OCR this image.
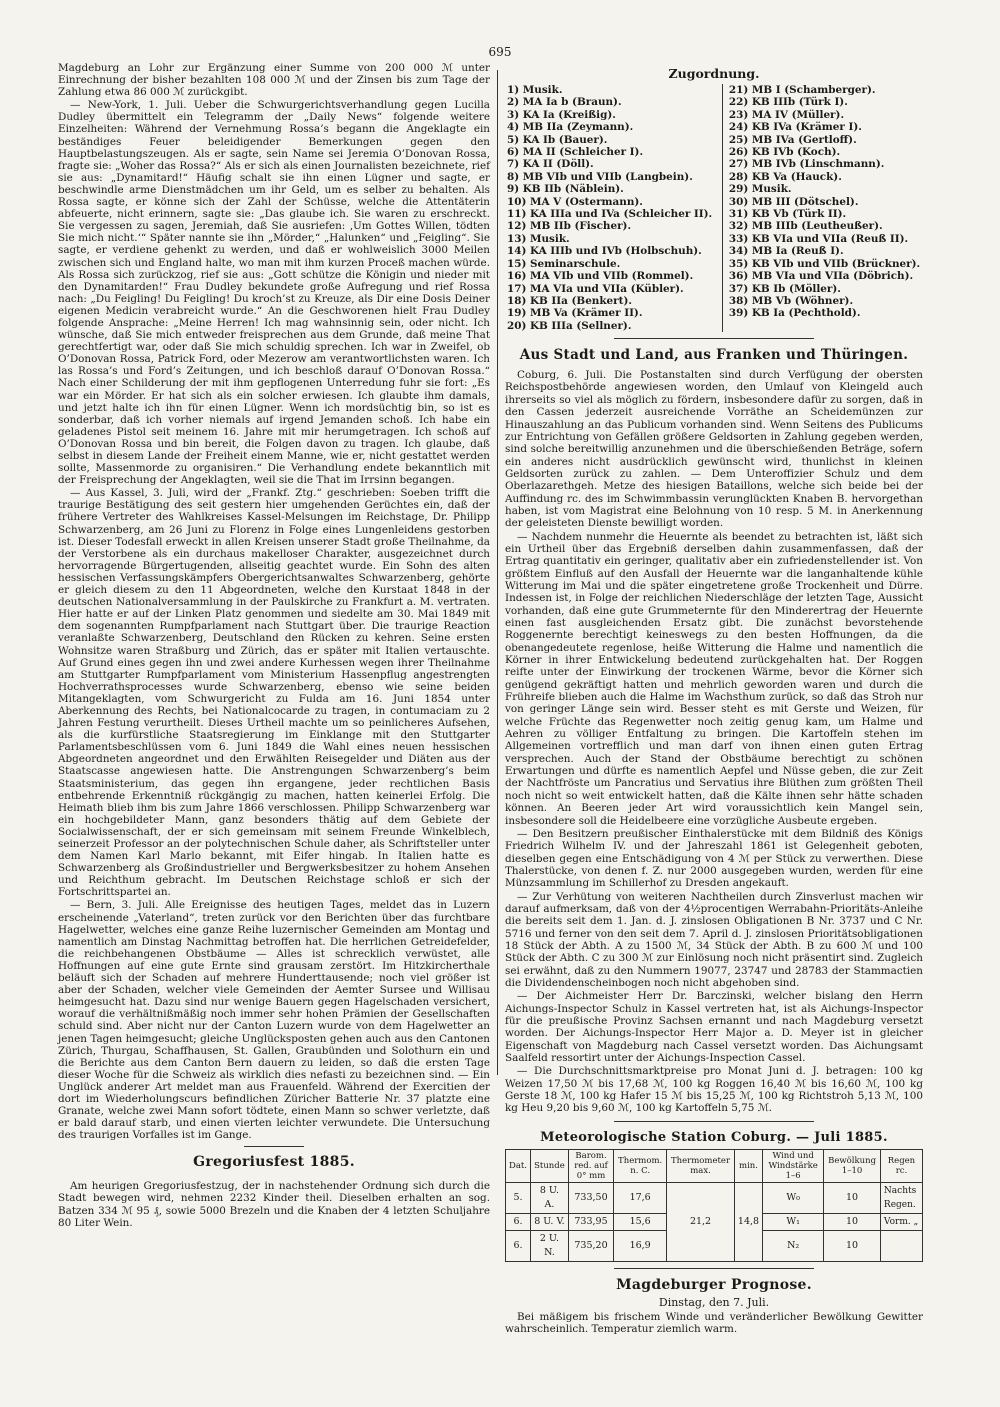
695

Magdeburg an Lohr zur Ergänzung einer Summe von 200 000 ℳ unter Einrechnung der bisher bezahlten 108 000 ℳ und der Zinsen bis zum Tage der Zahlung etwa 86 000 ℳ zurückgibt.

— New-York, 1. Juli. Ueber die Schwurgerichtsverhandlung gegen Lucilla Dudley übermittelt ein Telegramm der „Daily News“ folgende weitere Einzelheiten: Während der Vernehmung Rossa’s begann die Angeklagte ein beständiges Feuer beleidigender Bemerkungen gegen den Hauptbelastungszeugen. Als er sagte, sein Name sei Jeremia O’Donovan Rossa, fragte sie: „Woher das Rossa?“ Als er sich als einen Journalisten bezeichnete, rief sie aus: „Dynamitard!“ Häufig schalt sie ihn einen Lügner und sagte, er beschwindle arme Dienstmädchen um ihr Geld, um es selber zu behalten. Als Rossa sagte, er könne sich der Zahl der Schüsse, welche die Attentäterin abfeuerte, nicht erinnern, sagte sie: „Das glaube ich. Sie waren zu erschreckt. Sie vergessen zu sagen, Jeremiah, daß Sie ausriefen: ‚Um Gottes Willen, tödten Sie mich nicht.‘“ Später nannte sie ihn „Mörder,“ „Halunken“ und „Feigling“. Sie sagte, er verdiene gehenkt zu werden, und daß er wohlweislich 3000 Meilen zwischen sich und England halte, wo man mit ihm kurzen Proceß machen würde. Als Rossa sich zurückzog, rief sie aus: „Gott schütze die Königin und nieder mit den Dynamitarden!“ Frau Dudley bekundete große Aufregung und rief Rossa nach: „Du Feigling! Du Feigling! Du kroch’st zu Kreuze, als Dir eine Dosis Deiner eigenen Medicin verabreicht wurde.“ An die Geschworenen hielt Frau Dudley folgende Ansprache: „Meine Herren! Ich mag wahnsinnig sein, oder nicht. Ich wünsche, daß Sie mich entweder freisprechen aus dem Grunde, daß meine That gerechtfertigt war, oder daß Sie mich schuldig sprechen. Ich war in Zweifel, ob O’Donovan Rossa, Patrick Ford, oder Mezerow am verantwortlichsten waren. Ich las Rossa’s und Ford’s Zeitungen, und ich beschloß darauf O’Donovan Rossa.“ Nach einer Schilderung der mit ihm gepflogenen Unterredung fuhr sie fort: „Es war ein Mörder. Er hat sich als ein solcher erwiesen. Ich glaubte ihm damals, und jetzt halte ich ihn für einen Lügner. Wenn ich mordsüchtig bin, so ist es sonderbar, daß ich vorher niemals auf irgend Jemanden schoß. Ich habe ein geladenes Pistol seit meinem 16. Jahre mit mir herumgetragen. Ich schoß auf O’Donovan Rossa und bin bereit, die Folgen davon zu tragen. Ich glaube, daß selbst in diesem Lande der Freiheit einem Manne, wie er, nicht gestattet werden sollte, Massenmorde zu organisiren.“ Die Verhandlung endete bekanntlich mit der Freisprechung der Angeklagten, weil sie die That im Irrsinn begangen.

— Aus Kassel, 3. Juli, wird der „Frankf. Ztg.“ geschrieben: Soeben trifft die traurige Bestätigung des seit gestern hier umgehenden Gerüchtes ein, daß der frühere Vertreter des Wahlkreises Kassel-Melsungen im Reichstage, Dr. Philipp Schwarzenberg, am 26 Juni zu Florenz in Folge eines Lungenleidens gestorben ist. Dieser Todesfall erweckt in allen Kreisen unserer Stadt große Theilnahme, da der Verstorbene als ein durchaus makelloser Charakter, ausgezeichnet durch hervorragende Bürgertugenden, allseitig geachtet wurde. Ein Sohn des alten hessischen Verfassungskämpfers Obergerichtsanwaltes Schwarzenberg, gehörte er gleich diesem zu den 11 Abgeordneten, welche den Kurstaat 1848 in der deutschen Nationalversammlung in der Paulskirche zu Frankfurt a. M. vertraten. Hier hatte er auf der Linken Platz genommen und siedelte am 30. Mai 1849 mit dem sogenannten Rumpfparlament nach Stuttgart über. Die traurige Reaction veranlaßte Schwarzenberg, Deutschland den Rücken zu kehren. Seine ersten Wohnsitze waren Straßburg und Zürich, das er später mit Italien vertauschte. Auf Grund eines gegen ihn und zwei andere Kurhessen wegen ihrer Theilnahme am Stuttgarter Rumpfparlament vom Ministerium Hassenpflug angestrengten Hochverrathsprocesses wurde Schwarzenberg, ebenso wie seine beiden Mitangeklagten, vom Schwurgericht zu Fulda am 16. Juni 1854 unter Aberkennung des Rechts, bei Nationalcocarde zu tragen, in contumaciam zu 2 Jahren Festung verurtheilt. Dieses Urtheil machte um so peinlicheres Aufsehen, als die kurfürstliche Staatsregierung im Einklange mit den Stuttgarter Parlamentsbeschlüssen vom 6. Juni 1849 die Wahl eines neuen hessischen Abgeordneten angeordnet und den Erwählten Reisegelder und Diäten aus der Staatscasse angewiesen hatte. Die Anstrengungen Schwarzenberg’s beim Staatsministerium, das gegen ihn ergangene, jeder rechtlichen Basis entbehrende Erkenntniß rückgängig zu machen, hatten keinerlei Erfolg. Die Heimath blieb ihm bis zum Jahre 1866 verschlossen. Philipp Schwarzenberg war ein hochgebildeter Mann, ganz besonders thätig auf dem Gebiete der Socialwissenschaft, der er sich gemeinsam mit seinem Freunde Winkelblech, seinerzeit Professor an der polytechnischen Schule daher, als Schriftsteller unter dem Namen Karl Marlo bekannt, mit Eifer hingab. In Italien hatte es Schwarzenberg als Großindustrieller und Bergwerksbesitzer zu hohem Ansehen und Reichthum gebracht. Im Deutschen Reichstage schloß er sich der Fortschrittspartei an.

— Bern, 3. Juli. Alle Ereignisse des heutigen Tages, meldet das in Luzern erscheinende „Vaterland“, treten zurück vor den Berichten über das furchtbare Hagelwetter, welches eine ganze Reihe luzernischer Gemeinden am Montag und namentlich am Dinstag Nachmittag betroffen hat. Die herrlichen Getreidefelder, die reichbehangenen Obstbäume — Alles ist schrecklich verwüstet, alle Hoffnungen auf eine gute Ernte sind grausam zerstört. Im Hitzkircherthale beläuft sich der Schaden auf mehrere Hunderttausende; noch viel größer ist aber der Schaden, welcher viele Gemeinden der Aemter Sursee und Willisau heimgesucht hat. Dazu sind nur wenige Bauern gegen Hagelschaden versichert, worauf die verhältnißmäßig noch immer sehr hohen Prämien der Gesellschaften schuld sind. Aber nicht nur der Canton Luzern wurde von dem Hagelwetter an jenen Tagen heimgesucht; gleiche Unglücksposten gehen auch aus den Cantonen Zürich, Thurgau, Schaffhausen, St. Gallen, Graubünden und Solothurn ein und die Berichte aus dem Canton Bern dauern zu leiden, so daß die ersten Tage dieser Woche für die Schweiz als wirklich dies nefasti zu bezeichnen sind. — Ein Unglück anderer Art meldet man aus Frauenfeld. Während der Exercitien der dort im Wiederholungscurs befindlichen Züricher Batterie Nr. 37 platzte eine Granate, welche zwei Mann sofort tödtete, einen Mann so schwer verletzte, daß er bald darauf starb, und einen vierten leichter verwundete. Die Untersuchung des traurigen Vorfalles ist im Gange.

Gregoriusfest 1885.

Am heurigen Gregoriusfestzug, der in nachstehender Ordnung sich durch die Stadt bewegen wird, nehmen 2232 Kinder theil. Dieselben erhalten an sog. Batzen 334 ℳ 95 ₰, sowie 5000 Brezeln und die Knaben der 4 letzten Schuljahre 80 Liter Wein.

Zugordnung.
1) Musik.	21) MB I (Schamberger).
2) MA Ia b (Braun).	22) KB IIIb (Türk I).
3) KA Ia (Kreißig).	23) MA IV (Müller).
4) MB IIa (Zeymann).	24) KB IVa (Krämer I).
5) KA Ib (Bauer).	25) MB IVa (Gertloff).
6) MA II (Schleicher I).	26) KB IVb (Koch).
7) KA II (Döll).	27) MB IVb (Linschmann).
8) MB VIb und VIIb (Langbein).	28) KB Va (Hauck).
9) KB IIb (Näblein).	29) Musik.
10) MA V (Ostermann).	30) MB III (Dötschel).
11) KA IIIa und IVa (Schleicher II).	31) KB Vb (Türk II).
12) MB IIb (Fischer).	32) MB IIIb (Leutheußer).
13) Musik.	33) KB VIa und VIIa (Reuß II).
14) KA IIIb und IVb (Holbschuh).	34) MB Ia (Reuß I).
15) Seminarschule.	35) KB VIb und VIIb (Brückner).
16) MA VIb und VIIb (Rommel).	36) MB VIa und VIIa (Döbrich).
17) MA VIa und VIIa (Kübler).	37) KB Ib (Möller).
18) KB IIa (Benkert).	38) MB Vb (Wöhner).
19) MB Va (Krämer II).	39) KB Ia (Pechthold).
20) KB IIIa (Sellner).	
Aus Stadt und Land, aus Franken und Thüringen.

Coburg, 6. Juli. Die Postanstalten sind durch Verfügung der obersten Reichspostbehörde angewiesen worden, den Umlauf von Kleingeld auch ihrerseits so viel als möglich zu fördern, insbesondere dafür zu sorgen, daß in den Cassen jederzeit ausreichende Vorräthe an Scheidemünzen zur Hinauszahlung an das Publicum vorhanden sind. Wenn Seitens des Publicums zur Entrichtung von Gefällen größere Geldsorten in Zahlung gegeben werden, sind solche bereitwillig anzunehmen und die überschießenden Beträge, sofern ein anderes nicht ausdrücklich gewünscht wird, thunlichst in kleinen Geldsorten zurück zu zahlen. — Dem Unteroffizier Schulz und dem Oberlazarethgeh. Metze des hiesigen Bataillons, welche sich beide bei der Auffindung rc. des im Schwimmbassin verunglückten Knaben B. hervorgethan haben, ist vom Magistrat eine Belohnung von 10 resp. 5 M. in Anerkennung der geleisteten Dienste bewilligt worden.

— Nachdem nunmehr die Heuernte als beendet zu betrachten ist, läßt sich ein Urtheil über das Ergebniß derselben dahin zusammenfassen, daß der Ertrag quantitativ ein geringer, qualitativ aber ein zufriedenstellender ist. Von größtem Einfluß auf den Ausfall der Heuernte war die langanhaltende kühle Witterung im Mai und die später eingetretene große Trockenheit und Dürre. Indessen ist, in Folge der reichlichen Niederschläge der letzten Tage, Aussicht vorhanden, daß eine gute Grummeternte für den Minderertrag der Heuernte einen fast ausgleichenden Ersatz gibt. Die zunächst bevorstehende Roggenernte berechtigt keineswegs zu den besten Hoffnungen, da die obenangedeutete regenlose, heiße Witterung die Halme und namentlich die Körner in ihrer Entwickelung bedeutend zurückgehalten hat. Der Roggen reifte unter der Einwirkung der trockenen Wärme, bevor die Körner sich genügend gekräftigt hatten und mehrlich geworden waren und durch die Frühreife blieben auch die Halme im Wachsthum zurück, so daß das Stroh nur von geringer Länge sein wird. Besser steht es mit Gerste und Weizen, für welche Früchte das Regenwetter noch zeitig genug kam, um Halme und Aehren zu völliger Entfaltung zu bringen. Die Kartoffeln stehen im Allgemeinen vortrefflich und man darf von ihnen einen guten Ertrag versprechen. Auch der Stand der Obstbäume berechtigt zu schönen Erwartungen und dürfte es namentlich Aepfel und Nüsse geben, die zur Zeit der Nachtfröste um Pancratius und Servatius ihre Blüthen zum größten Theil noch nicht so weit entwickelt hatten, daß die Kälte ihnen sehr hätte schaden können. An Beeren jeder Art wird voraussichtlich kein Mangel sein, insbesondere soll die Heidelbeere eine vorzügliche Ausbeute ergeben.

— Den Besitzern preußischer Einthalerstücke mit dem Bildniß des Königs Friedrich Wilhelm IV. und der Jahreszahl 1861 ist Gelegenheit geboten, dieselben gegen eine Entschädigung von 4 ℳ per Stück zu verwerthen. Diese Thalerstücke, von denen f. Z. nur 2000 ausgegeben wurden, werden für eine Münzsammlung im Schillerhof zu Dresden angekauft.

— Zur Verhütung von weiteren Nachtheilen durch Zinsverlust machen wir darauf aufmerksam, daß von der 4½procentigen Werrabahn-Prioritäts-Anleihe die bereits seit dem 1. Jan. d. J. zinslosen Obligationen B Nr. 3737 und C Nr. 5716 und ferner von den seit dem 7. April d. J. zinslosen Prioritätsobligationen 18 Stück der Abth. A zu 1500 ℳ, 34 Stück der Abth. B zu 600 ℳ und 100 Stück der Abth. C zu 300 ℳ zur Einlösung noch nicht präsentirt sind. Zugleich sei erwähnt, daß zu den Nummern 19077, 23747 und 28783 der Stammactien die Dividendenscheinbogen noch nicht abgehoben sind.

— Der Aichmeister Herr Dr. Barczinski, welcher bislang den Herrn Aichungs-Inspector Schulz in Kassel vertreten hat, ist als Aichungs-Inspector für die preußische Provinz Sachsen ernannt und nach Magdeburg versetzt worden. Der Aichungs-Inspector Herr Major a. D. Meyer ist in gleicher Eigenschaft von Magdeburg nach Cassel versetzt worden. Das Aichungsamt Saalfeld ressortirt unter der Aichungs-Inspection Cassel.

— Die Durchschnittsmarktpreise pro Monat Juni d. J. betragen: 100 kg Weizen 17,50 ℳ bis 17,68 ℳ, 100 kg Roggen 16,40 ℳ bis 16,60 ℳ, 100 kg Gerste 18 ℳ, 100 kg Hafer 15 ℳ bis 15,25 ℳ, 100 kg Richtstroh 5,13 ℳ, 100 kg Heu 9,20 bis 9,60 ℳ, 100 kg Kartoffeln 5,75 ℳ.

Meteorologische Station Coburg. — Juli 1885.
Dat.	Stunde	Barom. red. auf 0° mm	Thermom. n. C.	Thermometer max.	min.	Wind und Windstärke 1–6	Bewölkung 1–10	Regen rc.
5.	8 U. A.	733,50	17,6	21,2	14,8	W₀	10	Nachts Regen.
6.	8 U. V.	733,95	15,6			W₁	10	Vorm. „
6.	2 U. N.	735,20	16,9			N₂	10	
Magdeburger Prognose.
Dinstag, den 7. Juli.

Bei mäßigem bis frischem Winde und veränderlicher Bewölkung Gewitter wahrscheinlich. Temperatur ziemlich warm.
